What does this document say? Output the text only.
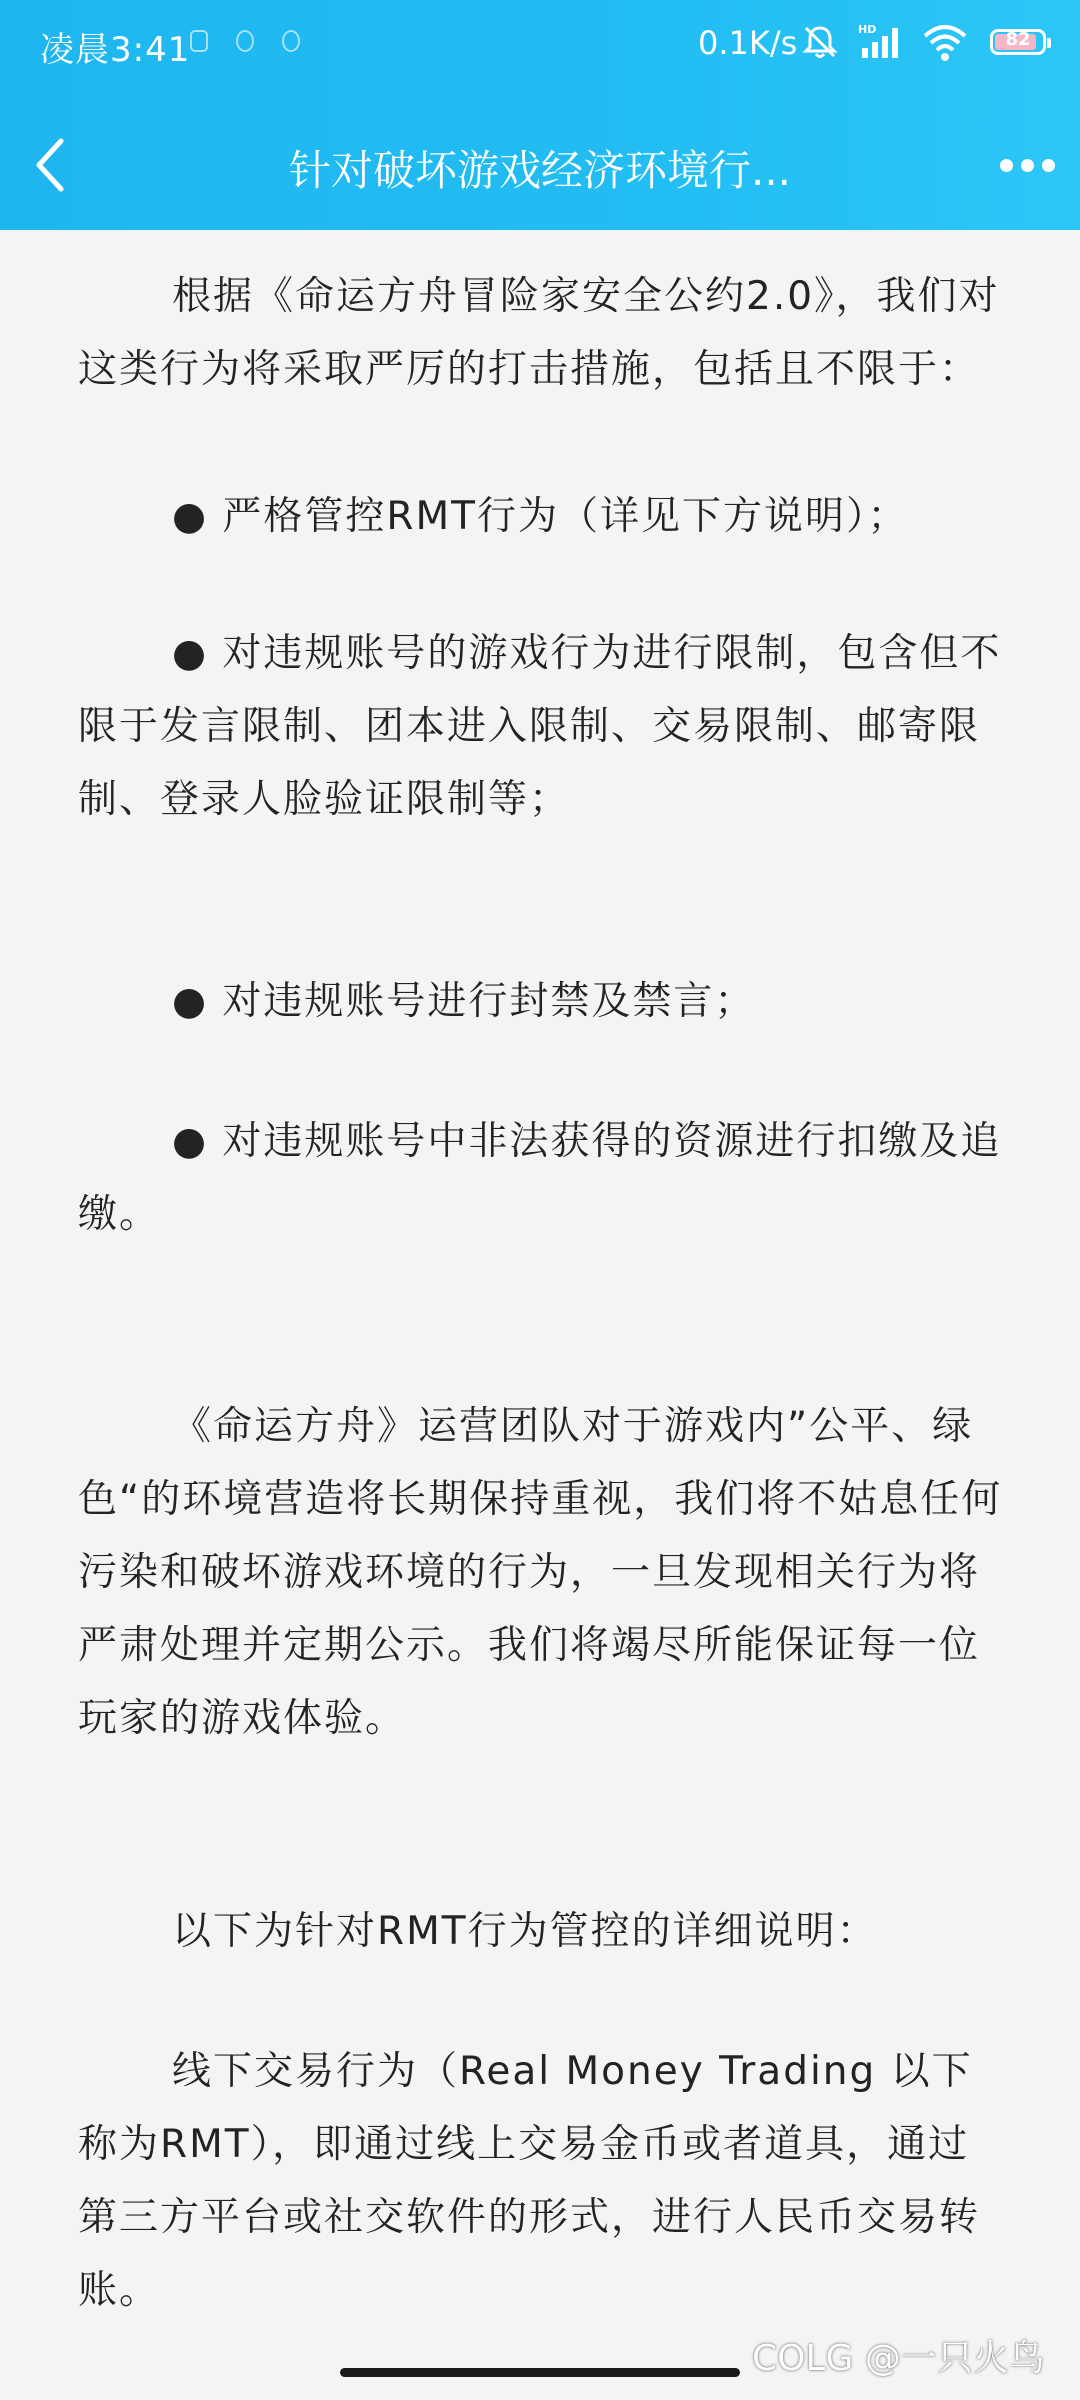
凌晨3:41	0.1K/s	HD	82
针对破坏游戏经济环境行...

根据《命运方舟冒险家安全公约2.0》，我们对这类行为将采取严厉的打击措施，包括且不限于：

● 严格管控RMT行为（详见下方说明）；

● 对违规账号的游戏行为进行限制，包含但不限于发言限制、团本进入限制、交易限制、邮寄限制、登录人脸验证限制等；

● 对违规账号进行封禁及禁言；

● 对违规账号中非法获得的资源进行扣缴及追缴。

《命运方舟》运营团队对于游戏内”公平、绿色“的环境营造将长期保持重视，我们将不姑息任何污染和破坏游戏环境的行为，一旦发现相关行为将严肃处理并定期公示。我们将竭尽所能保证每一位玩家的游戏体验。

以下为针对RMT行为管控的详细说明：

线下交易行为（Real Money Trading 以下称为RMT），即通过线上交易金币或者道具，通过第三方平台或社交软件的形式，进行人民币交易转账。

COLG @一只火鸟
